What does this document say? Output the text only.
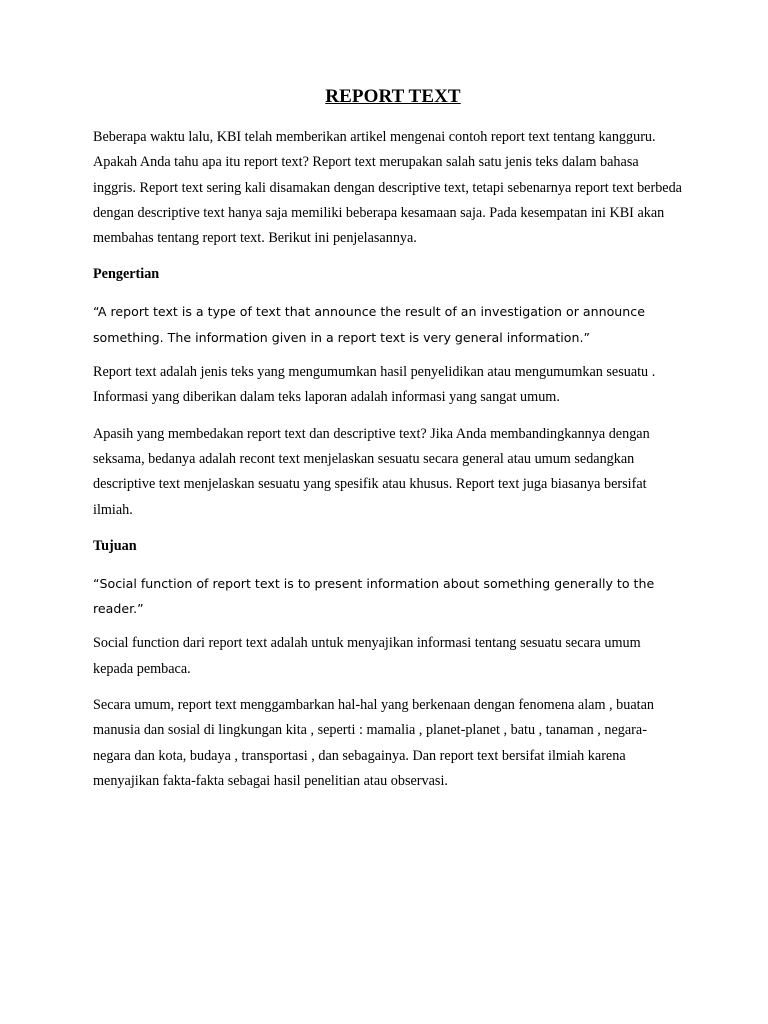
REPORT TEXT

Beberapa waktu lalu, KBI telah memberikan artikel mengenai contoh report text tentang kangguru. Apakah Anda tahu apa itu report text? Report text merupakan salah satu jenis teks dalam bahasa inggris. Report text sering kali disamakan dengan descriptive text, tetapi sebenarnya report text berbeda dengan descriptive text hanya saja memiliki beberapa kesamaan saja. Pada kesempatan ini KBI akan membahas tentang report text. Berikut ini penjelasannya.

Pengertian

“A report text is a type of text that announce the result of an investigation or announce something. The information given in a report text is very general information.”

Report text adalah jenis teks yang mengumumkan hasil penyelidikan atau mengumumkan sesuatu . Informasi yang diberikan dalam teks laporan adalah informasi yang sangat umum.

Apasih yang membedakan report text dan descriptive text? Jika Anda membandingkannya dengan seksama, bedanya adalah recont text menjelaskan sesuatu secara general atau umum sedangkan descriptive text menjelaskan sesuatu yang spesifik atau khusus. Report text juga biasanya bersifat ilmiah.

Tujuan

“Social function of report text is to present information about something generally to the reader.”

Social function dari report text adalah untuk menyajikan informasi tentang sesuatu secara umum kepada pembaca.

Secara umum, report text menggambarkan hal-hal yang berkenaan dengan fenomena alam , buatan manusia dan sosial di lingkungan kita , seperti : mamalia , planet-planet , batu , tanaman , negara-negara dan kota, budaya , transportasi , dan sebagainya. Dan report text bersifat ilmiah karena menyajikan fakta-fakta sebagai hasil penelitian atau observasi.
